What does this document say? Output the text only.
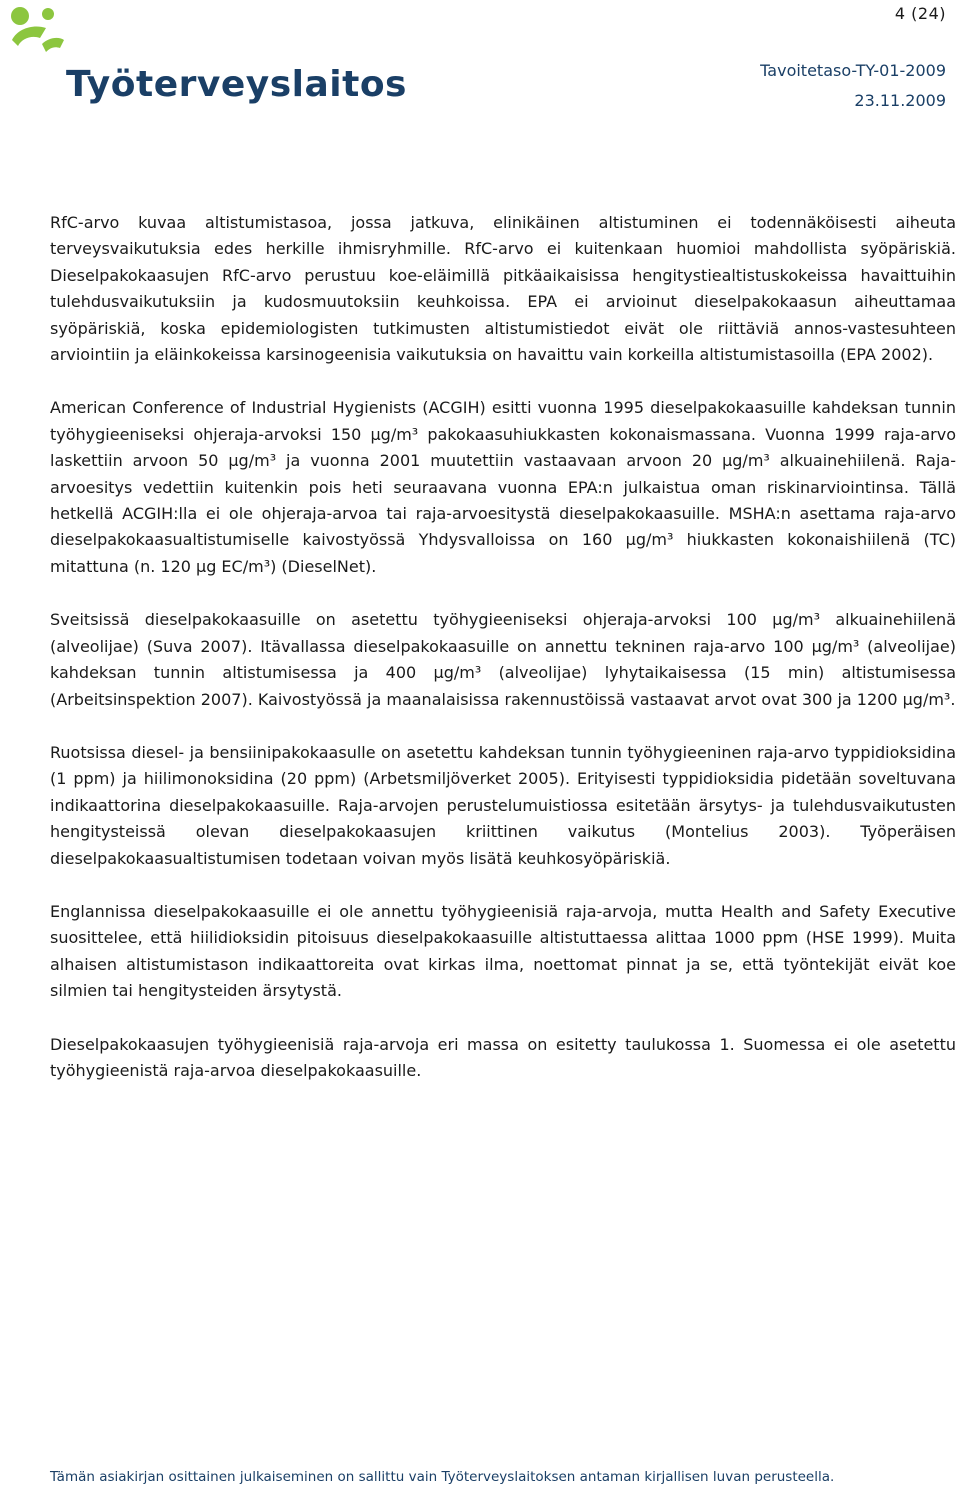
4 (24)
Työterveyslaitos	Tavoitetaso-TY-01-2009
23.11.2009

RfC-arvo kuvaa altistumistasoa, jossa jatkuva, elinikäinen altistuminen ei todennäköisesti aiheuta terveysvaikutuksia edes herkille ihmisryhmille. RfC-arvo ei kuitenkaan huomioi mahdollista syöpäriskiä. Dieselpakokaasujen RfC-arvo perustuu koe-eläimillä pitkäaikaisissa hengitystiealtistuskokeissa havaittuihin tulehdusvaikutuksiin ja kudosmuutoksiin keuhkoissa. EPA ei arvioinut dieselpakokaasun aiheuttamaa syöpäriskiä, koska epidemiologisten tutkimusten altistumistiedot eivät ole riittäviä annos-vastesuhteen arviointiin ja eläinkokeissa karsinogeenisia vaikutuksia on havaittu vain korkeilla altistumistasoilla (EPA 2002).

American Conference of Industrial Hygienists (ACGIH) esitti vuonna 1995 dieselpakokaasuille kahdeksan tunnin työhygieeniseksi ohjeraja-arvoksi 150 µg/m³ pakokaasuhiukkasten kokonaismassana. Vuonna 1999 raja-arvo laskettiin arvoon 50 µg/m³ ja vuonna 2001 muutettiin vastaavaan arvoon 20 µg/m³ alkuainehiilenä. Raja-arvoesitys vedettiin kuitenkin pois heti seuraavana vuonna EPA:n julkaistua oman riskinarviointinsa. Tällä hetkellä ACGIH:lla ei ole ohjeraja-arvoa tai raja-arvoesitystä dieselpakokaasuille. MSHA:n asettama raja-arvo dieselpakokaasualtistumiselle kaivostyössä Yhdysvalloissa on 160 µg/m³ hiukkasten kokonaishiilenä (TC) mitattuna (n. 120 µg EC/m³) (DieselNet).

Sveitsissä dieselpakokaasuille on asetettu työhygieeniseksi ohjeraja-arvoksi 100 µg/m³ alkuainehiilenä (alveolijae) (Suva 2007). Itävallassa dieselpakokaasuille on annettu tekninen raja-arvo 100 µg/m³ (alveolijae) kahdeksan tunnin altistumisessa ja 400 µg/m³ (alveolijae) lyhytaikaisessa (15 min) altistumisessa (Arbeitsinspektion 2007). Kaivostyössä ja maanalaisissa rakennustöissä vastaavat arvot ovat 300 ja 1200 µg/m³.

Ruotsissa diesel- ja bensiinipakokaasulle on asetettu kahdeksan tunnin työhygieeninen raja-arvo typpidioksidina (1 ppm) ja hiilimonoksidina (20 ppm) (Arbetsmiljöverket 2005). Erityisesti typpidioksidia pidetään soveltuvana indikaattorina dieselpakokaasuille. Raja-arvojen perustelumuistiossa esitetään ärsytys- ja tulehdusvaikutusten hengitysteissä olevan dieselpakokaasujen kriittinen vaikutus (Montelius 2003). Työperäisen dieselpakokaasualtistumisen todetaan voivan myös lisätä keuhkosyöpäriskiä.

Englannissa dieselpakokaasuille ei ole annettu työhygieenisiä raja-arvoja, mutta Health and Safety Executive suosittelee, että hiilidioksidin pitoisuus dieselpakokaasuille altistuttaessa alittaa 1000 ppm (HSE 1999). Muita alhaisen altistumistason indikaattoreita ovat kirkas ilma, noettomat pinnat ja se, että työntekijät eivät koe silmien tai hengitysteiden ärsytystä.

Dieselpakokaasujen työhygieenisiä raja-arvoja eri massa on esitetty taulukossa 1. Suomessa ei ole asetettu työhygieenistä raja-arvoa dieselpakokaasuille.

Tämän asiakirjan osittainen julkaiseminen on sallittu vain Työterveyslaitoksen antaman kirjallisen luvan perusteella.
